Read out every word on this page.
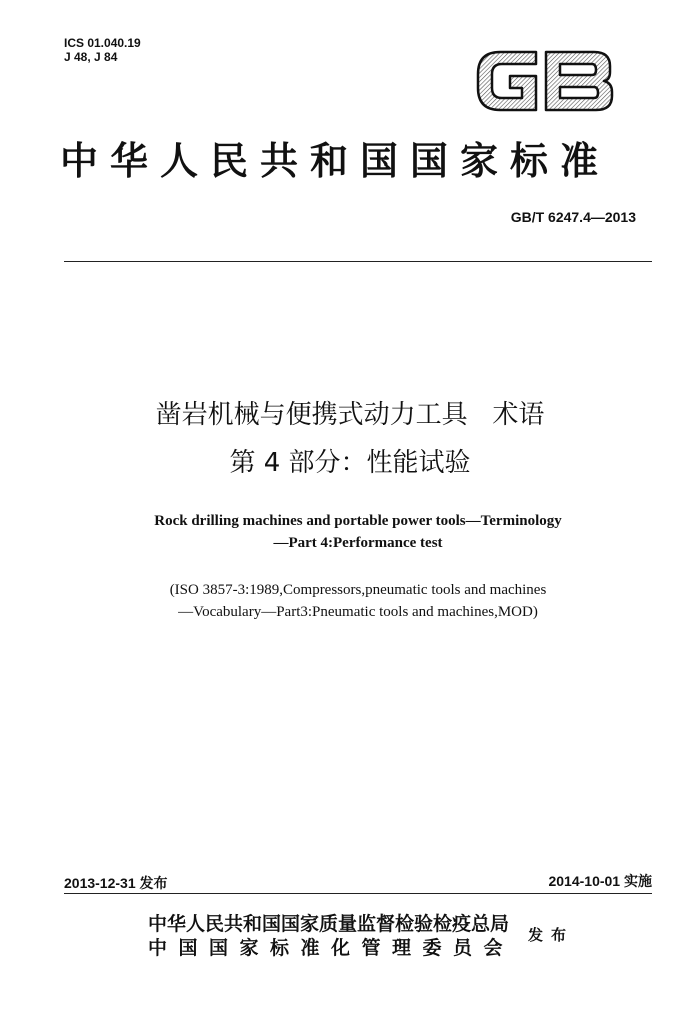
ICS 01.040.19
J 48, J 84
中华人民共和国国家标准
GB/T 6247.4—2013
凿岩机械与便携式动力工具   术语
第 4 部分：性能试验
Rock drilling machines and portable power tools—Terminology
—Part 4:Performance test
(ISO 3857-3:1989,Compressors,pneumatic tools and machines
—Vocabulary—Part3:Pneumatic tools and machines,MOD)
2013-12-31 发布	2014-10-01 实施
中华人民共和国国家质量监督检验检疫总局
中国国家标准化管理委员会
发布
